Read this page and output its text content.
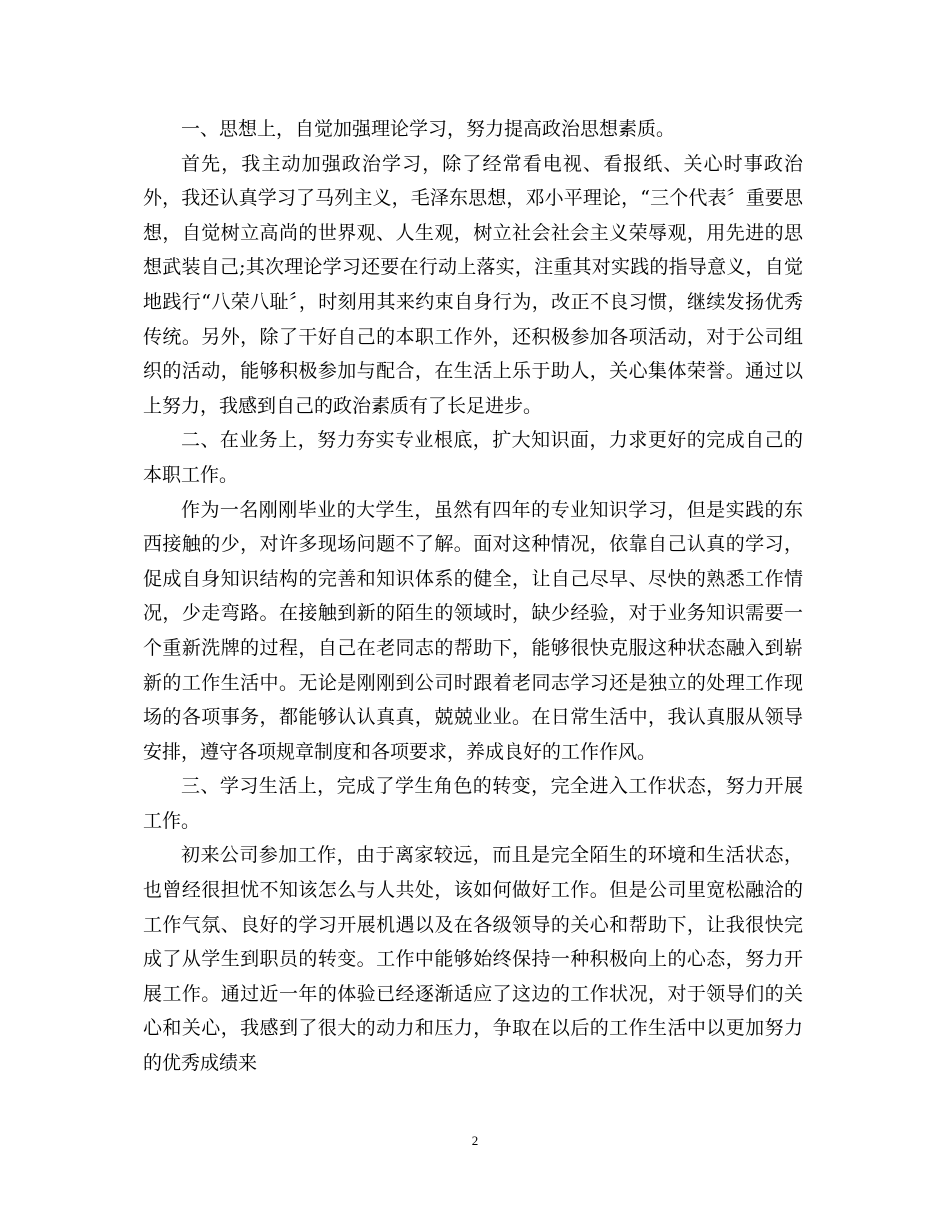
一、思想上，自觉加强理论学习，努力提高政治思想素质。

首先，我主动加强政治学习，除了经常看电视、看报纸、关心时事政治外，我还认真学习了马列主义，毛泽东思想，邓小平理论，“三个代表〞重要思想，自觉树立高尚的世界观、人生观，树立社会社会主义荣辱观，用先进的思想武装自己;其次理论学习还要在行动上落实，注重其对实践的指导意义，自觉地践行“八荣八耻〞，时刻用其来约束自身行为，改正不良习惯，继续发扬优秀传统。另外，除了干好自己的本职工作外，还积极参加各项活动，对于公司组织的活动，能够积极参加与配合，在生活上乐于助人，关心集体荣誉。通过以上努力，我感到自己的政治素质有了长足进步。

二、在业务上，努力夯实专业根底，扩大知识面，力求更好的完成自己的本职工作。

作为一名刚刚毕业的大学生，虽然有四年的专业知识学习，但是实践的东西接触的少，对许多现场问题不了解。面对这种情况，依靠自己认真的学习，促成自身知识结构的完善和知识体系的健全，让自己尽早、尽快的熟悉工作情况，少走弯路。在接触到新的陌生的领域时，缺少经验，对于业务知识需要一个重新洗牌的过程，自己在老同志的帮助下，能够很快克服这种状态融入到崭新的工作生活中。无论是刚刚到公司时跟着老同志学习还是独立的处理工作现场的各项事务，都能够认认真真，兢兢业业。在日常生活中，我认真服从领导安排，遵守各项规章制度和各项要求，养成良好的工作作风。

三、学习生活上，完成了学生角色的转变，完全进入工作状态，努力开展工作。

初来公司参加工作，由于离家较远，而且是完全陌生的环境和生活状态，也曾经很担忧不知该怎么与人共处，该如何做好工作。但是公司里宽松融洽的工作气氛、良好的学习开展机遇以及在各级领导的关心和帮助下，让我很快完成了从学生到职员的转变。工作中能够始终保持一种积极向上的心态，努力开展工作。通过近一年的体验已经逐渐适应了这边的工作状况，对于领导们的关心和关心，我感到了很大的动力和压力，争取在以后的工作生活中以更加努力的优秀成绩来

2
